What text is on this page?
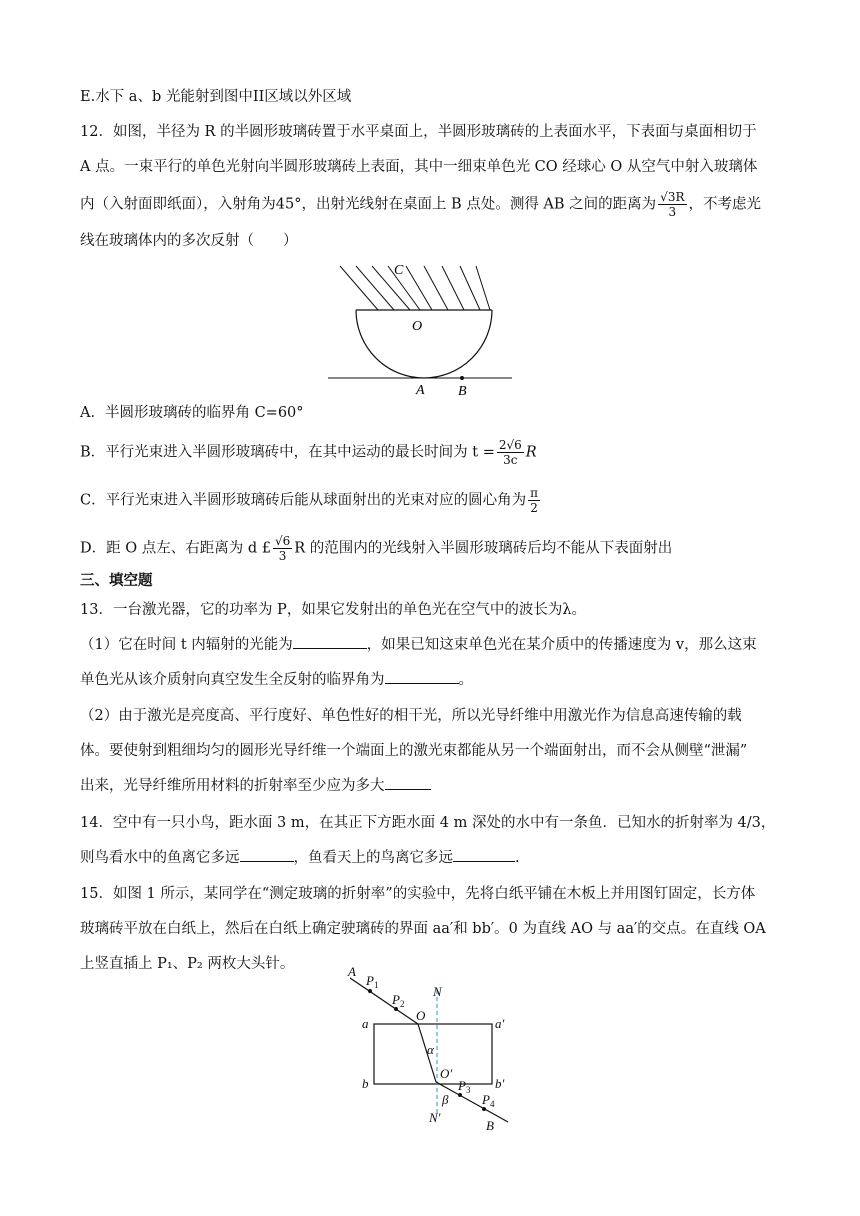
E.水下 a、b 光能射到图中II区域以外区域
12．如图，半径为 R 的半圆形玻璃砖置于水平桌面上，半圆形玻璃砖的上表面水平，下表面与桌面相切于
A 点。一束平行的单色光射向半圆形玻璃砖上表面，其中一细束单色光 CO 经球心 O 从空气中射入玻璃体
内（入射面即纸面），入射角为45°，出射光线射在桌面上 B 点处。测得 AB 之间的距离为 $\frac{√3R}{3}$ ，不考虑光
线在玻璃体内的多次反射（　　）
C
O
A B
A．半圆形玻璃砖的临界角 C=60°
B．平行光束进入半圆形玻璃砖中，在其中运动的最长时间为 $t = \frac{2√6}{3c}$ R
C．平行光束进入半圆形玻璃砖后能从球面射出的光束对应的圆心角为 $\frac{\pi}{2}$
D．距 O 点左、右距离为 d £ $\frac{√6}{3}$ R 的范围内的光线射入半圆形玻璃砖后均不能从下表面射出
三、填空题
13．一台激光器，它的功率为 P，如果它发射出的单色光在空气中的波长为λ。
（1）它在时间 t 内辐射的光能为	，如果已知这束单色光在某介质中的传播速度为 v，那么这束
单色光从该介质射向真空发生全反射的临界角为	。
（2）由于激光是亮度高、平行度好、单色性好的相干光，所以光导纤维中用激光作为信息高速传输的载
体。要使射到粗细均匀的圆形光导纤维一个端面上的激光束都能从另一个端面射出，而不会从侧壁“泄漏”
出来，光导纤维所用材料的折射率至少应为多大
14．空中有一只小鸟，距水面 3 m，在其正下方距水面 4 m 深处的水中有一条鱼．已知水的折射率为 4/3，
则鸟看水中的鱼离它多远	，鱼看天上的鸟离它多远	.
15．如图 1 所示，某同学在“测定玻璃的折射率”的实验中，先将白纸平铺在木板上并用图钉固定，长方体
玻璃砖平放在白纸上，然后在白纸上确定驶璃砖的界面 aa′和 bb′。0 为直线 AO 与 aa′的交点。在直线 OA
上竖直插上 P₁、P₂ 两枚大头针。	A
$P_1$
$P_2$
N
O
a	a′
α
O′
b	b′
$P_3$
β	$P_4$
N′
B
